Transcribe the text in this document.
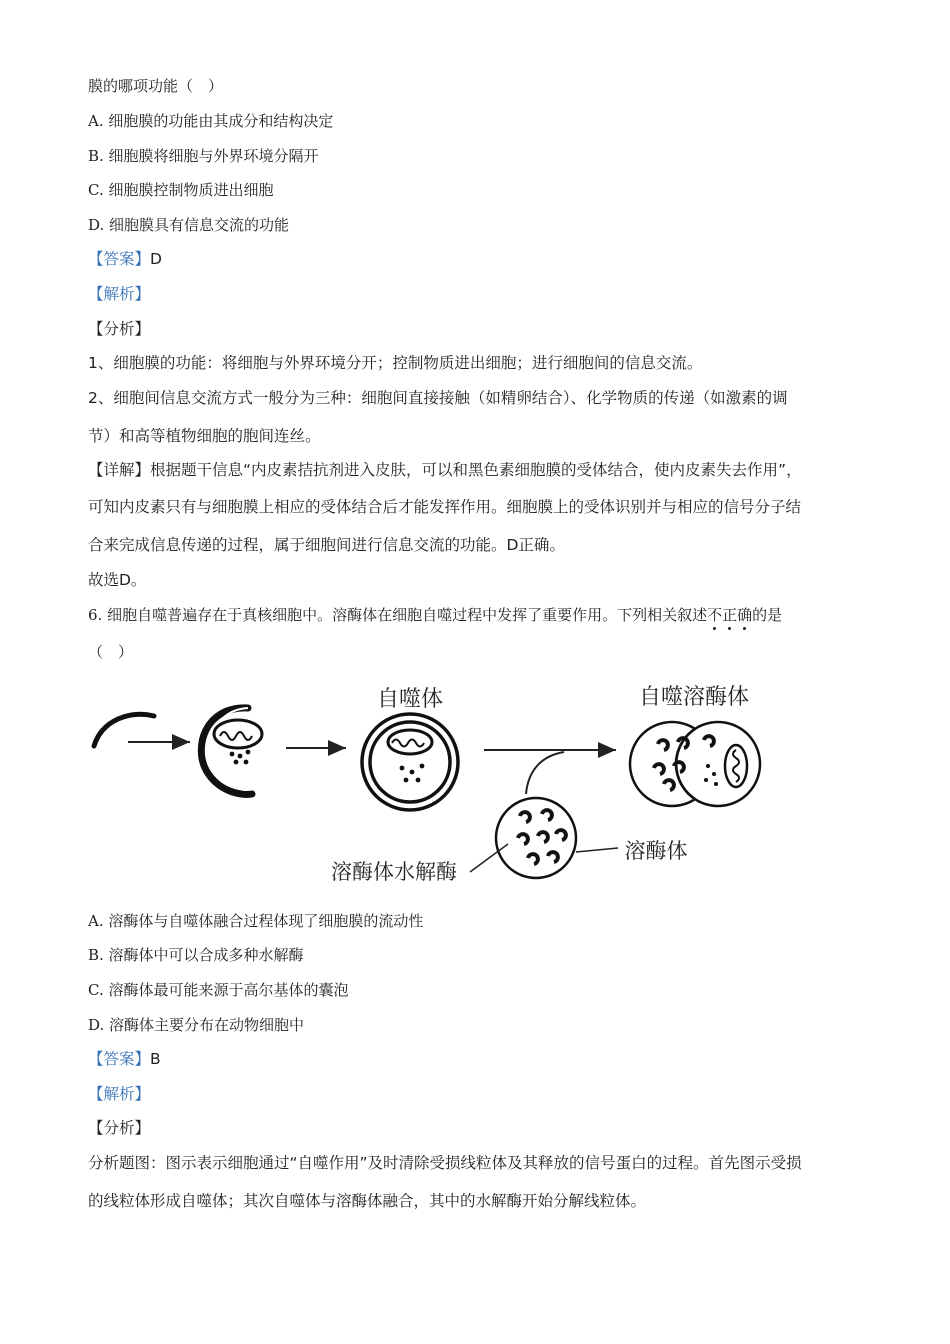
膜的哪项功能（　）
A. 细胞膜的功能由其成分和结构决定
B. 细胞膜将细胞与外界环境分隔开
C. 细胞膜控制物质进出细胞
D. 细胞膜具有信息交流的功能
【答案】D
【解析】
【分析】
1、细胞膜的功能：将细胞与外界环境分开；控制物质进出细胞；进行细胞间的信息交流。
2、细胞间信息交流方式一般分为三种：细胞间直接接触（如精卵结合）、化学物质的传递（如激素的调
节）和高等植物细胞的胞间连丝。
【详解】根据题干信息“内皮素拮抗剂进入皮肤，可以和黑色素细胞膜的受体结合，使内皮素失去作用”，
可知内皮素只有与细胞膜上相应的受体结合后才能发挥作用。细胞膜上的受体识别并与相应的信号分子结
合来完成信息传递的过程，属于细胞间进行信息交流的功能。D正确。
故选D。
6. 细胞自噬普遍存在于真核细胞中。溶酶体在细胞自噬过程中发挥了重要作用。下列相关叙述不正确的是
（　）
自噬体
溶酶体水解酶
溶酶体
自噬溶酶体
A. 溶酶体与自噬体融合过程体现了细胞膜的流动性
B. 溶酶体中可以合成多种水解酶
C. 溶酶体最可能来源于高尔基体的囊泡
D. 溶酶体主要分布在动物细胞中
【答案】B
【解析】
【分析】
分析题图：图示表示细胞通过“自噬作用”及时清除受损线粒体及其释放的信号蛋白的过程。首先图示受损
的线粒体形成自噬体；其次自噬体与溶酶体融合，其中的水解酶开始分解线粒体。
